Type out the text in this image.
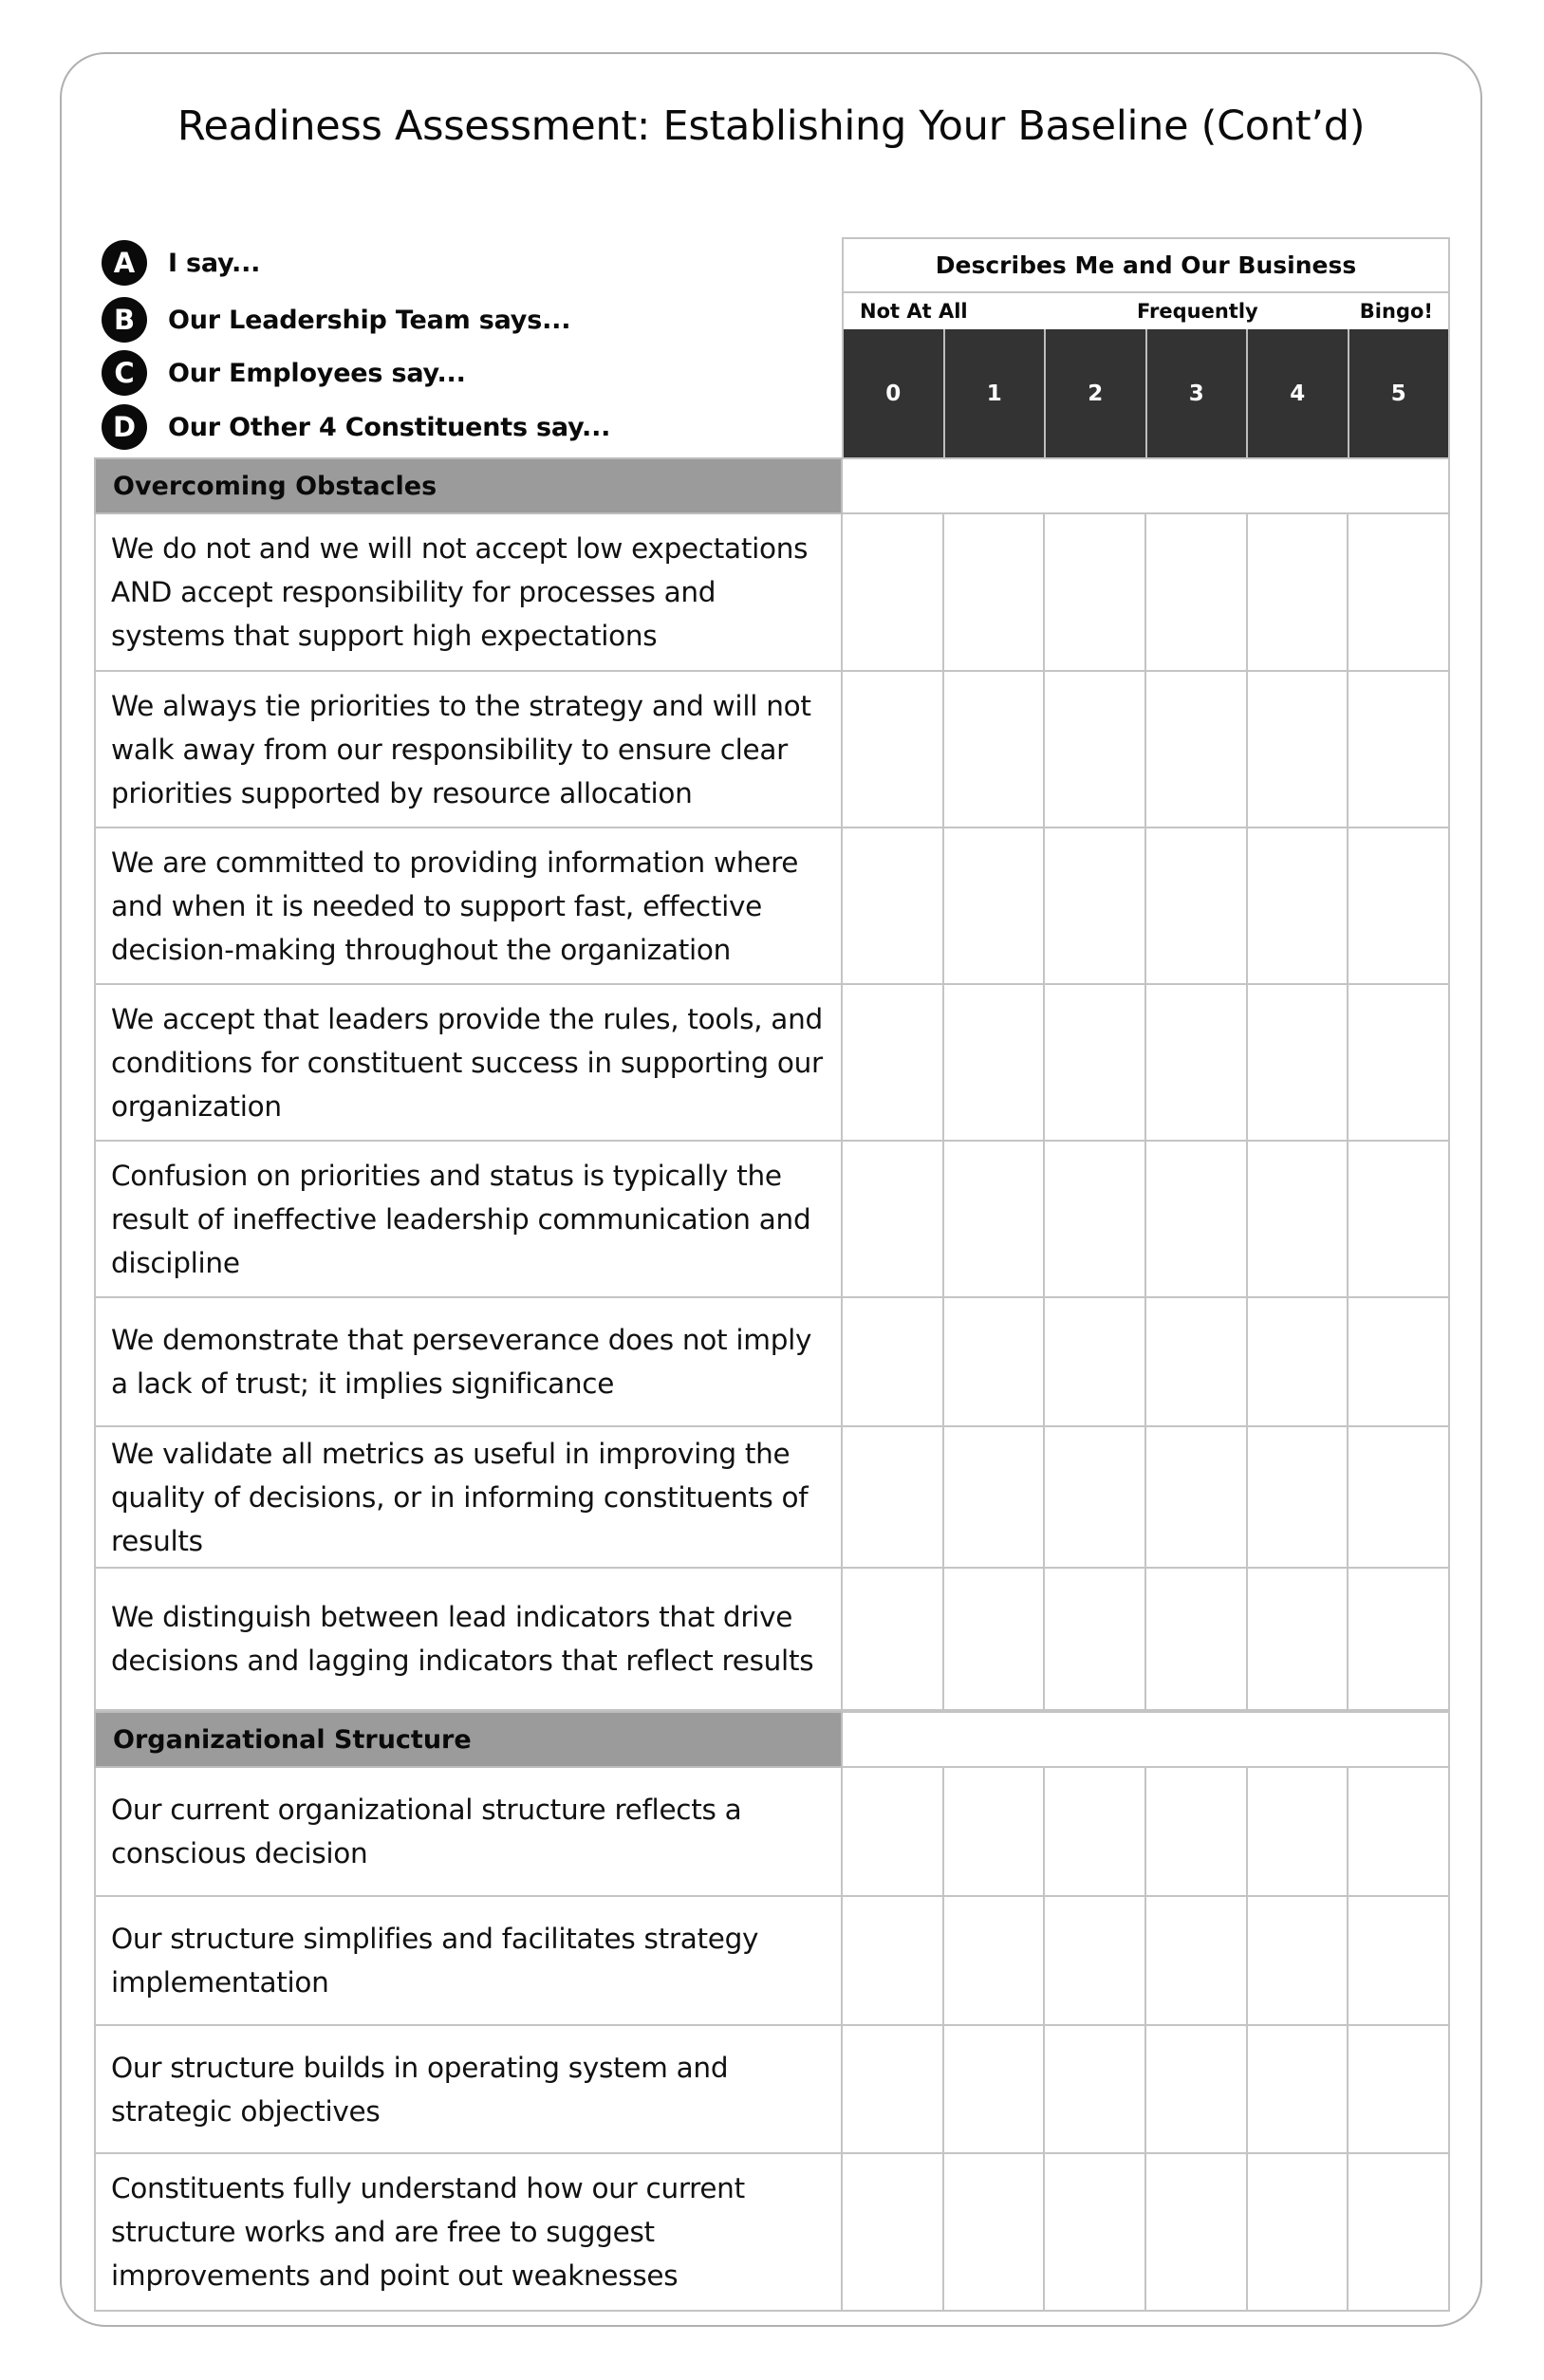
Readiness Assessment: Establishing Your Baseline (Cont’d)
A	I say...
B	Our Leadership Team says...
C	Our Employees say...
D	Our Other 4 Constituents say...
Describes Me and Our Business
Not At All	Frequently	Bingo!
0	1	2	3	4	5
Overcoming Obstacles
We do not and we will not accept low expectations AND accept responsibility for processes and systems that support high expectations
We always tie priorities to the strategy and will not walk away from our responsibility to ensure clear priorities supported by resource allocation
We are committed to providing information where and when it is needed to support fast, effective decision-making throughout the organization
We accept that leaders provide the rules, tools, and conditions for constituent success in supporting our organization
Confusion on priorities and status is typically the result of ineffective leadership communication and discipline
We demonstrate that perseverance does not imply a lack of trust; it implies significance
We validate all metrics as useful in improving the quality of decisions, or in informing constituents of results
We distinguish between lead indicators that drive decisions and lagging indicators that reflect results
Organizational Structure
Our current organizational structure reflects a conscious decision
Our structure simplifies and facilitates strategy implementation
Our structure builds in operating system and strategic objectives
Constituents fully understand how our current structure works and are free to suggest improvements and point out weaknesses
